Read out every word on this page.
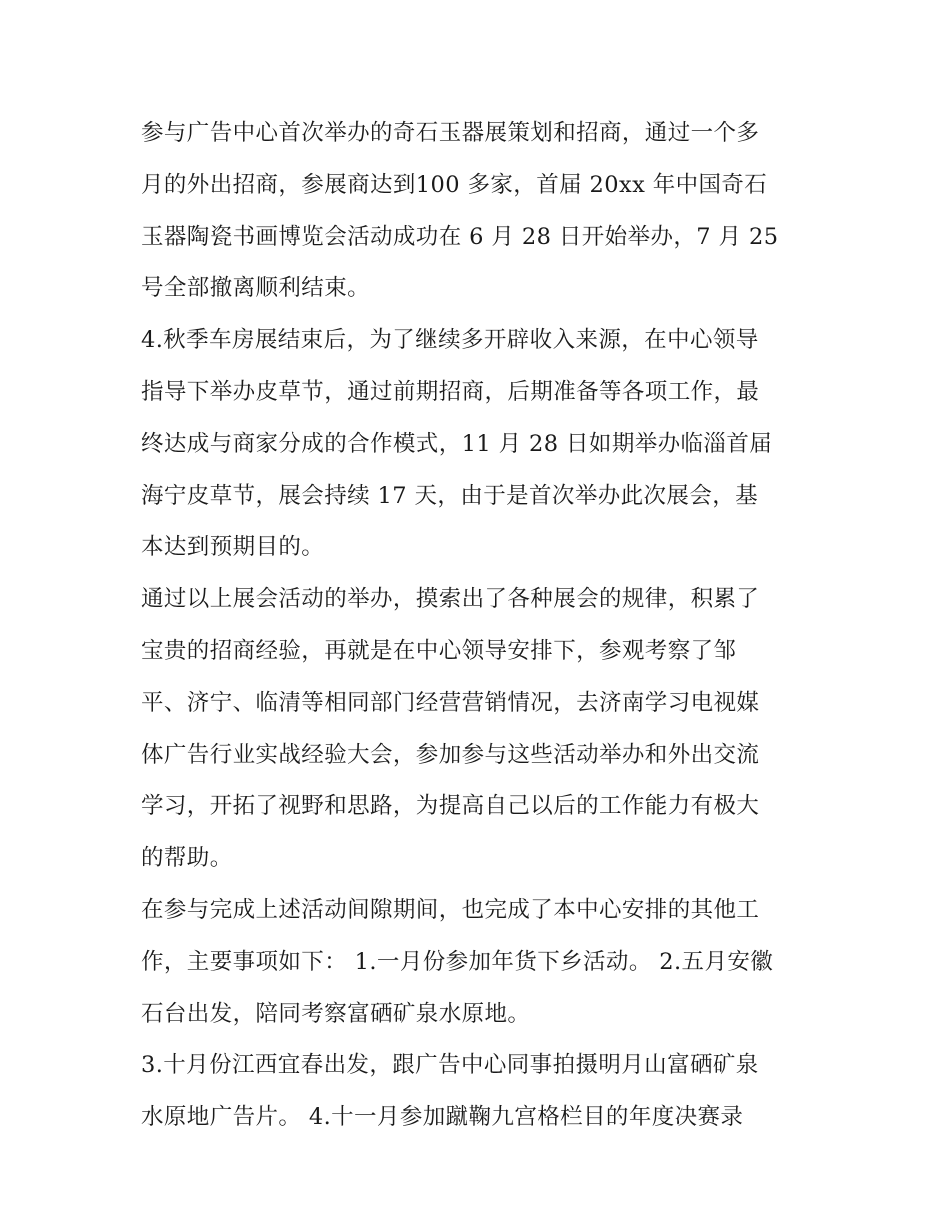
参与广告中心首次举办的奇石玉器展策划和招商，通过一个多
月的外出招商，参展商达到100 多家，首届 20xx 年中国奇石
玉器陶瓷书画博览会活动成功在 6 月 28 日开始举办，7 月 25
号全部撤离顺利结束。
4.秋季车房展结束后，为了继续多开辟收入来源，在中心领导
指导下举办皮草节，通过前期招商，后期准备等各项工作，最
终达成与商家分成的合作模式，11 月 28 日如期举办临淄首届
海宁皮草节，展会持续 17 天，由于是首次举办此次展会，基
本达到预期目的。
通过以上展会活动的举办，摸索出了各种展会的规律，积累了
宝贵的招商经验，再就是在中心领导安排下，参观考察了邹
平、济宁、临清等相同部门经营营销情况，去济南学习电视媒
体广告行业实战经验大会，参加参与这些活动举办和外出交流
学习，开拓了视野和思路，为提高自己以后的工作能力有极大
的帮助。
在参与完成上述活动间隙期间，也完成了本中心安排的其他工
作，主要事项如下： 1.一月份参加年货下乡活动。 2.五月安徽
石台出发，陪同考察富硒矿泉水原地。
3.十月份江西宜春出发，跟广告中心同事拍摄明月山富硒矿泉
水原地广告片。 4.十一月参加蹴鞠九宫格栏目的年度决赛录
